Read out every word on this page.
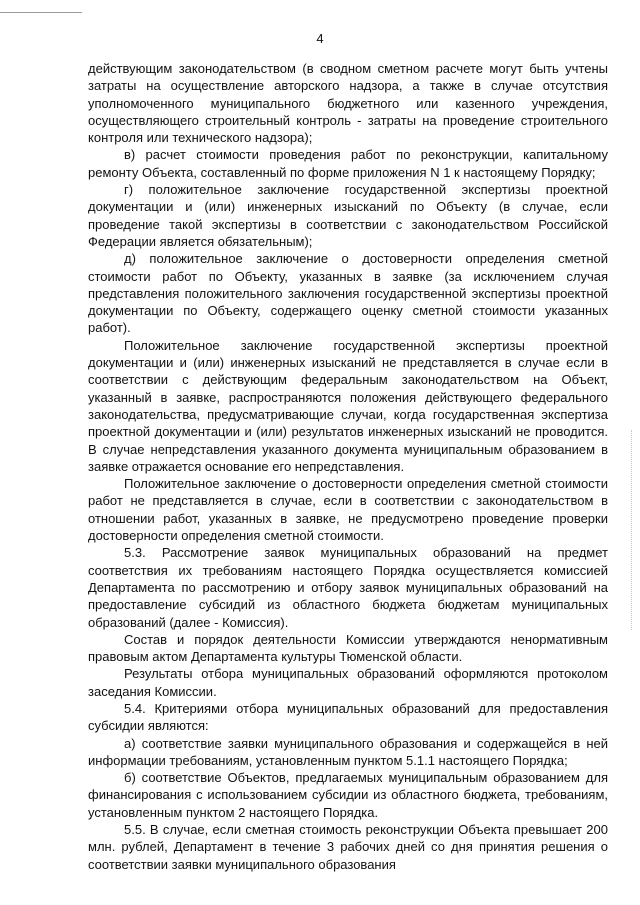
4

действующим законодательством (в сводном сметном расчете могут быть учтены затраты на осуществление авторского надзора, а также в случае отсутствия уполномоченного муниципального бюджетного или казенного учреждения, осуществляющего строительный контроль - затраты на проведение строительного контроля или технического надзора);

в) расчет стоимости проведения работ по реконструкции, капитальному ремонту Объекта, составленный по форме приложения N 1 к настоящему Порядку;

г) положительное заключение государственной экспертизы проектной документации и (или) инженерных изысканий по Объекту (в случае, если проведение такой экспертизы в соответствии с законодательством Российской Федерации является обязательным);

д) положительное заключение о достоверности определения сметной стоимости работ по Объекту, указанных в заявке (за исключением случая представления положительного заключения государственной экспертизы проектной документации по Объекту, содержащего оценку сметной стоимости указанных работ).

Положительное заключение государственной экспертизы проектной документации и (или) инженерных изысканий не представляется в случае если в соответствии с действующим федеральным законодательством на Объект, указанный в заявке, распространяются положения действующего федерального законодательства, предусматривающие случаи, когда государственная экспертиза проектной документации и (или) результатов инженерных изысканий не проводится. В случае непредставления указанного документа муниципальным образованием в заявке отражается основание его непредставления.

Положительное заключение о достоверности определения сметной стоимости работ не представляется в случае, если в соответствии с законодательством в отношении работ, указанных в заявке, не предусмотрено проведение проверки достоверности определения сметной стоимости.

5.3. Рассмотрение заявок муниципальных образований на предмет соответствия их требованиям настоящего Порядка осуществляется комиссией Департамента по рассмотрению и отбору заявок муниципальных образований на предоставление субсидий из областного бюджета бюджетам муниципальных образований (далее - Комиссия).

Состав и порядок деятельности Комиссии утверждаются ненормативным правовым актом Департамента культуры Тюменской области.

Результаты отбора муниципальных образований оформляются протоколом заседания Комиссии.

5.4. Критериями отбора муниципальных образований для предоставления субсидии являются:

а) соответствие заявки муниципального образования и содержащейся в ней информации требованиям, установленным пунктом 5.1.1 настоящего Порядка;

б) соответствие Объектов, предлагаемых муниципальным образованием для финансирования с использованием субсидии из областного бюджета, требованиям, установленным пунктом 2 настоящего Порядка.

5.5. В случае, если сметная стоимость реконструкции Объекта превышает 200 млн. рублей, Департамент в течение 3 рабочих дней со дня принятия решения о соответствии заявки муниципального образования
